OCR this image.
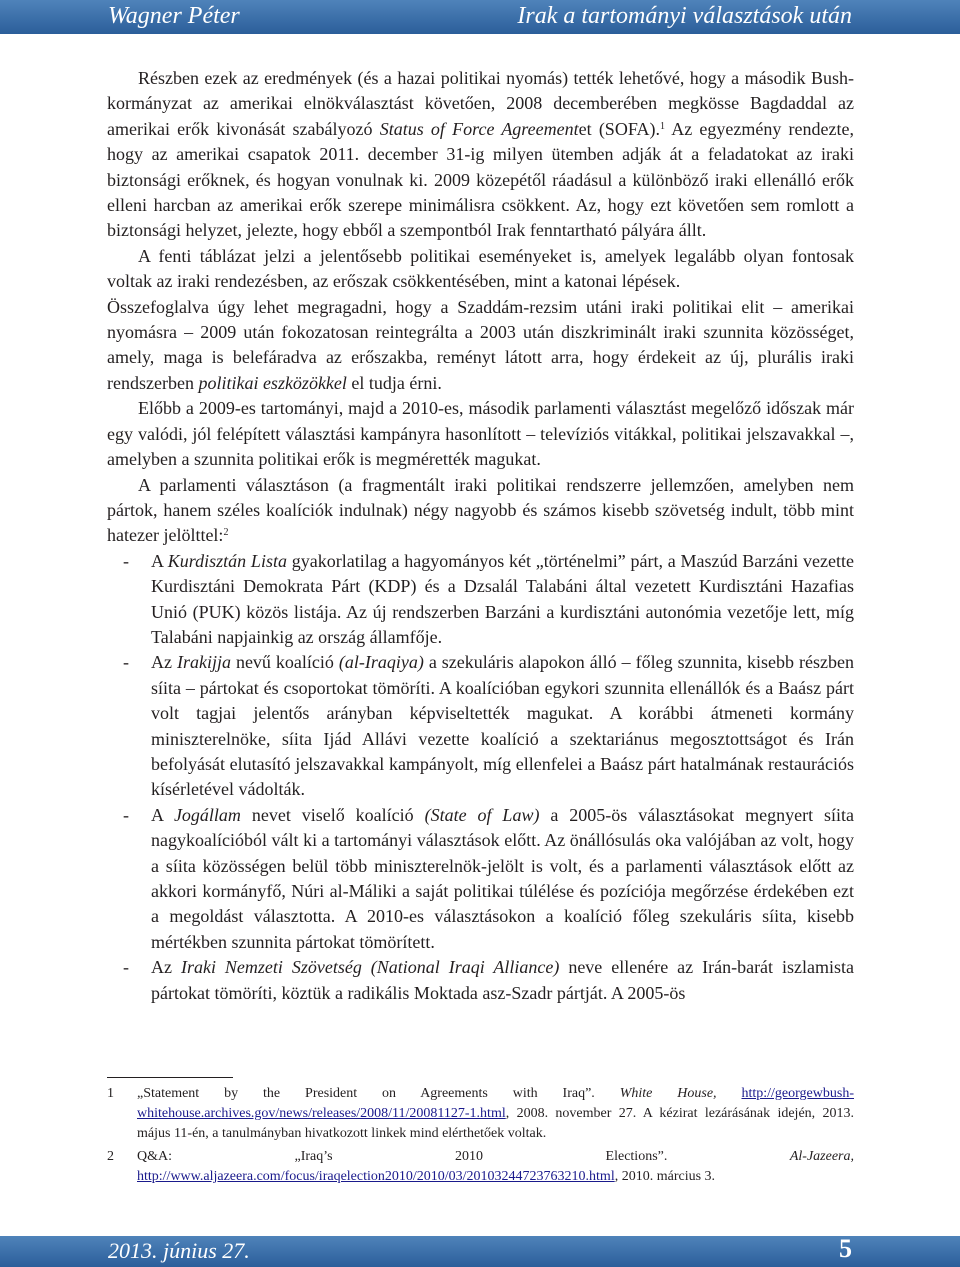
Wagner Péter	Irak a tartományi választások után

Részben ezek az eredmények (és a hazai politikai nyomás) tették lehetővé, hogy a második Bush-kormányzat az amerikai elnökválasztást követően, 2008 decemberében megkösse Bagdaddal az amerikai erők kivonását szabályozó Status of Force Agreementet (SOFA).$^1$ Az egyezmény rendezte, hogy az amerikai csapatok 2011. december 31-ig milyen ütemben adják át a feladatokat az iraki biztonsági erőknek, és hogyan vonulnak ki. 2009 közepétől ráadásul a különböző iraki ellenálló erők elleni harcban az amerikai erők szerepe minimálisra csökkent. Az, hogy ezt követően sem romlott a biztonsági helyzet, jelezte, hogy ebből a szempontból Irak fenntartható pályára állt.

A fenti táblázat jelzi a jelentősebb politikai eseményeket is, amelyek legalább olyan fontosak voltak az iraki rendezésben, az erőszak csökkentésében, mint a katonai lépések.

Összefoglalva úgy lehet megragadni, hogy a Szaddám-rezsim utáni iraki politikai elit – amerikai nyomásra – 2009 után fokozatosan reintegrálta a 2003 után diszkriminált iraki szunnita közösséget, amely, maga is belefáradva az erőszakba, reményt látott arra, hogy érdekeit az új, plurális iraki rendszerben politikai eszközökkel el tudja érni.

Előbb a 2009-es tartományi, majd a 2010-es, második parlamenti választást megelőző időszak már egy valódi, jól felépített választási kampányra hasonlított – televíziós vitákkal, politikai jelszavakkal –, amelyben a szunnita politikai erők is megmérették magukat.

A parlamenti választáson (a fragmentált iraki politikai rendszerre jellemzően, amelyben nem pártok, hanem széles koalíciók indulnak) négy nagyobb és számos kisebb szövetség indult, több mint hatezer jelölttel:$^2$

- A Kurdisztán Lista gyakorlatilag a hagyományos két „történelmi” párt, a Maszúd Barzáni vezette Kurdisztáni Demokrata Párt (KDP) és a Dzsalál Talabáni által vezetett Kurdisztáni Hazafias Unió (PUK) közös listája. Az új rendszerben Barzáni a kurdisztáni autonómia vezetője lett, míg Talabáni napjainkig az ország államfője.
- Az Irakijja nevű koalíció (al-Iraqiya) a szekuláris alapokon álló – főleg szunnita, kisebb részben síita – pártokat és csoportokat tömöríti. A koalícióban egykori szunnita ellenállók és a Baász párt volt tagjai jelentős arányban képviseltették magukat. A korábbi átmeneti kormány miniszterelnöke, síita Ijád Allávi vezette koalíció a szektariánus megosztottságot és Irán befolyását elutasító jelszavakkal kampányolt, míg ellenfelei a Baász párt hatalmának restaurációs kísérletével vádolták.
- A Jogállam nevet viselő koalíció (State of Law) a 2005-ös választásokat megnyert síita nagykoalícióból vált ki a tartományi választások előtt. Az önállósulás oka valójában az volt, hogy a síita közösségen belül több miniszterelnök-jelölt is volt, és a parlamenti választások előtt az akkori kormányfő, Núri al-Máliki a saját politikai túlélése és pozíciója megőrzése érdekében ezt a megoldást választotta. A 2010-es választásokon a koalíció főleg szekuláris síita, kisebb mértékben szunnita pártokat tömörített.
- Az Iraki Nemzeti Szövetség (National Iraqi Alliance) neve ellenére az Irán-barát iszlamista pártokat tömöríti, köztük a radikális Moktada asz-Szadr pártját. A 2005-ös
1 „Statement by the President on Agreements with Iraq”. White House, http://georgewbush-whitehouse.archives.gov/news/releases/2008/11/20081127-1.html, 2008. november 27. A kézirat lezárásának idején, 2013. május 11-én, a tanulmányban hivatkozott linkek mind elérthetőek voltak.
2 Q&A: „Iraq’s 2010 Elections”. Al-Jazeera, http://www.aljazeera.com/focus/iraqelection2010/2010/03/20103244723763210.html, 2010. március 3.
2013. június 27.	5
